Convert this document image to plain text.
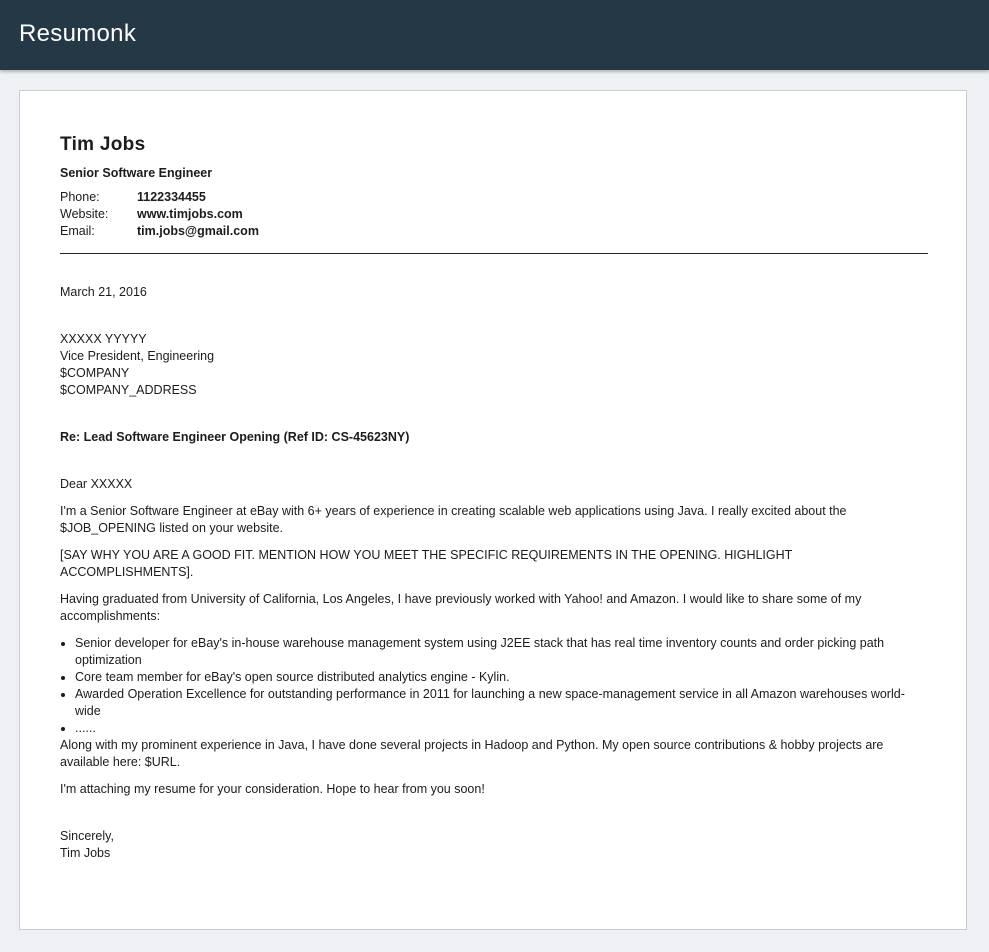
Resumonk
Tim Jobs
Senior Software Engineer
Phone:	1122334455
Website:	www.timjobs.com
Email:	tim.jobs@gmail.com
March 21, 2016
XXXXX YYYYY
Vice President, Engineering
$COMPANY
$COMPANY_ADDRESS
Re: Lead Software Engineer Opening (Ref ID: CS-45623NY)
Dear XXXXX
I'm a Senior Software Engineer at eBay with 6+ years of experience in creating scalable web applications using Java. I really excited about the $JOB_OPENING listed on your website.
[SAY WHY YOU ARE A GOOD FIT. MENTION HOW YOU MEET THE SPECIFIC REQUIREMENTS IN THE OPENING. HIGHLIGHT ACCOMPLISHMENTS].
Having graduated from University of California, Los Angeles, I have previously worked with Yahoo! and Amazon. I would like to share some of my accomplishments:
• Senior developer for eBay's in-house warehouse management system using J2EE stack that has real time inventory counts and order picking path optimization
• Core team member for eBay's open source distributed analytics engine - Kylin.
• Awarded Operation Excellence for outstanding performance in 2011 for launching a new space-management service in all Amazon warehouses world-wide
• ......
Along with my prominent experience in Java, I have done several projects in Hadoop and Python. My open source contributions & hobby projects are available here: $URL.
I'm attaching my resume for your consideration. Hope to hear from you soon!
Sincerely,
Tim Jobs
